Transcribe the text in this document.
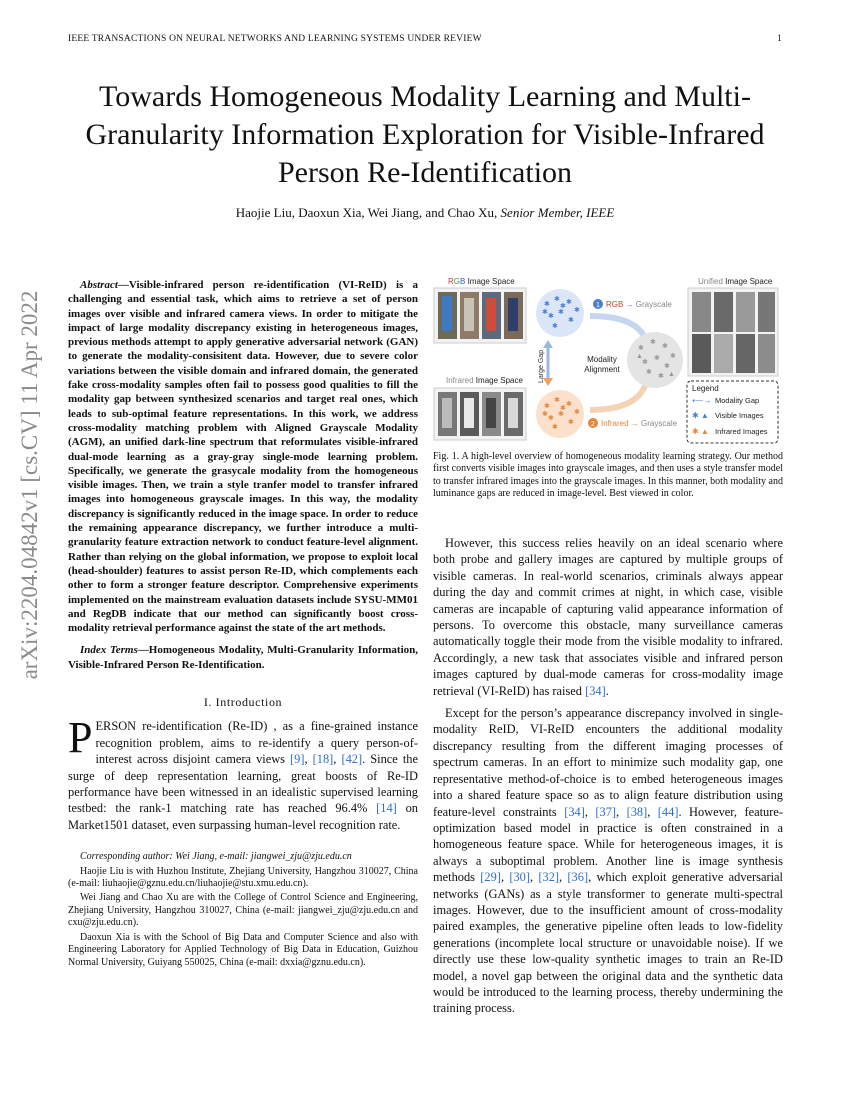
IEEE TRANSACTIONS ON NEURAL NETWORKS AND LEARNING SYSTEMS UNDER REVIEW	1
arXiv:2204.04842v1 [cs.CV] 11 Apr 2022
Towards Homogeneous Modality Learning and Multi-Granularity Information Exploration for Visible-Infrared Person Re-Identification
Haojie Liu, Daoxun Xia, Wei Jiang, and Chao Xu, Senior Member, IEEE

Abstract—Visible-infrared person re-identification (VI-ReID) is a challenging and essential task, which aims to retrieve a set of person images over visible and infrared camera views. In order to mitigate the impact of large modality discrepancy existing in heterogeneous images, previous methods attempt to apply generative adversarial network (GAN) to generate the modality-consisitent data. However, due to severe color variations between the visible domain and infrared domain, the generated fake cross-modality samples often fail to possess good qualities to fill the modality gap between synthesized scenarios and target real ones, which leads to sub-optimal feature representations. In this work, we address cross-modality matching problem with Aligned Grayscale Modality (AGM), an unified dark-line spectrum that reformulates visible-infrared dual-mode learning as a gray-gray single-mode learning problem. Specifically, we generate the grasycale modality from the homogeneous visible images. Then, we train a style tranfer model to transfer infrared images into homogeneous grayscale images. In this way, the modality discrepancy is significantly reduced in the image space. In order to reduce the remaining appearance discrepancy, we further introduce a multi-granularity feature extraction network to conduct feature-level alignment. Rather than relying on the global information, we propose to exploit local (head-shoulder) features to assist person Re-ID, which complements each other to form a stronger feature descriptor. Comprehensive experiments implemented on the mainstream evaluation datasets include SYSU-MM01 and RegDB indicate that our method can significantly boost cross-modality retrieval performance against the state of the art methods.

Index Terms—Homogeneous Modality, Multi-Granularity Information, Visible-Infrared Person Re-Identification.

I. Introduction

PERSON re-identification (Re-ID) , as a fine-grained instance recognition problem, aims to re-identify a query person-of-interest across disjoint camera views [9], [18], [42]. Since the surge of deep representation learning, great boosts of Re-ID performance have been witnessed in an idealistic supervised learning testbed: the rank-1 matching rate has reached 96.4% [14] on Market1501 dataset, even surpassing human-level recognition rate.

Corresponding author: Wei Jiang, e-mail: jiangwei_zju@zju.edu.cn

Haojie Liu is with Huzhou Institute, Zhejiang University, Hangzhou 310027, China (e-mail: liuhaojie@gznu.edu.cn/liuhaojie@stu.xmu.edu.cn).

Wei Jiang and Chao Xu are with the College of Control Science and Engineering, Zhejiang University, Hangzhou 310027, China (e-mail: jiangwei_zju@zju.edu.cn and cxu@zju.edu.cn).

Daoxun Xia is with the School of Big Data and Computer Science and also with Engineering Laboratory for Applied Technology of Big Data in Education, Guizhou Normal University, Guiyang 550025, China (e-mail: dxxia@gznu.edu.cn).

RGB Image Space
Infrared Image Space
✱
✱ ✱
✱
✱
✱
✱
✱
✱
✱
✱
✱
✱
✱
✱
✱
✱
✱
✱
✱
Large Gap
1 RGB → Grayscale
2 Infrared → Grayscale
Modality
Alignment
✱
✱
✱
✱
✱
✱
✱
✱
✱
▲
▲
Unified Image Space
Legend
⟵→ Modality Gap
✱ ▲ Visible Images
✱ ▲ Infrared Images
Fig. 1. A high-level overview of homogeneous modality learning strategy. Our method first converts visible images into grayscale images, and then uses a style transfer model to transfer infrared images into the grayscale images. In this manner, both modality and luminance gaps are reduced in image-level. Best viewed in color.

However, this success relies heavily on an ideal scenario where both probe and gallery images are captured by multiple groups of visible cameras. In real-world scenarios, criminals always appear during the day and commit crimes at night, in which case, visible cameras are incapable of capturing valid appearance information of persons. To overcome this obstacle, many surveillance cameras automatically toggle their mode from the visible modality to infrared. Accordingly, a new task that associates visible and infrared person images captured by dual-mode cameras for cross-modality image retrieval (VI-ReID) has raised [34].

Except for the person’s appearance discrepancy involved in single-modality ReID, VI-ReID encounters the additional modality discrepancy resulting from the different imaging processes of spectrum cameras. In an effort to minimize such modality gap, one representative method-of-choice is to embed heterogeneous images into a shared feature space so as to align feature distribution using feature-level constraints [34], [37], [38], [44]. However, feature-optimization based model in practice is often constrained in a homogeneous feature space. While for heterogeneous images, it is always a suboptimal problem. Another line is image synthesis methods [29], [30], [32], [36], which exploit generative adversarial networks (GANs) as a style transformer to generate multi-spectral images. However, due to the insufficient amount of cross-modality paired examples, the generative pipeline often leads to low-fidelity generations (incomplete local structure or unavoidable noise). If we directly use these low-quality synthetic images to train an Re-ID model, a novel gap between the original data and the synthetic data would be introduced to the learning process, thereby undermining the training process.
